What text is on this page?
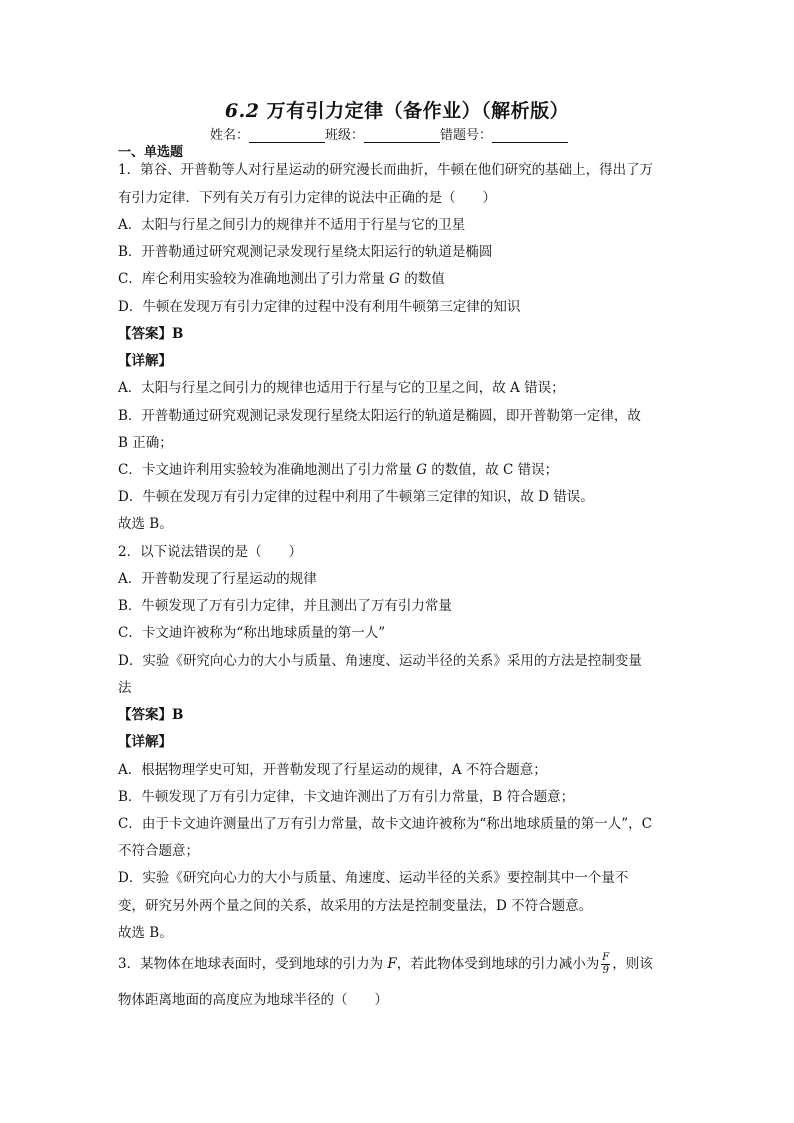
6.2 万有引力定律（备作业）（解析版）
姓名：	班级：	错题号：
一、单选题
1．第谷、开普勒等人对行星运动的研究漫长而曲折，牛顿在他们研究的基础上，得出了万
有引力定律．下列有关万有引力定律的说法中正确的是（　　）
A．太阳与行星之间引力的规律并不适用于行星与它的卫星
B．开普勒通过研究观测记录发现行星绕太阳运行的轨道是椭圆
C．库仑利用实验较为准确地测出了引力常量 G 的数值
D．牛顿在发现万有引力定律的过程中没有利用牛顿第三定律的知识
【答案】B
【详解】
A．太阳与行星之间引力的规律也适用于行星与它的卫星之间，故 A 错误；
B．开普勒通过研究观测记录发现行星绕太阳运行的轨道是椭圆，即开普勒第一定律，故
B 正确；
C．卡文迪许利用实验较为准确地测出了引力常量 G 的数值，故 C 错误；
D．牛顿在发现万有引力定律的过程中利用了牛顿第三定律的知识，故 D 错误。
故选 B。
2．以下说法错误的是（　　）
A．开普勒发现了行星运动的规律
B．牛顿发现了万有引力定律，并且测出了万有引力常量
C．卡文迪许被称为“称出地球质量的第一人”
D．实验《研究向心力的大小与质量、角速度、运动半径的关系》采用的方法是控制变量
法
【答案】B
【详解】
A．根据物理学史可知，开普勒发现了行星运动的规律，A 不符合题意；
B．牛顿发现了万有引力定律，卡文迪许测出了万有引力常量，B 符合题意；
C．由于卡文迪许测量出了万有引力常量，故卡文迪许被称为“称出地球质量的第一人”，C
不符合题意；
D．实验《研究向心力的大小与质量、角速度、运动半径的关系》要控制其中一个量不
变，研究另外两个量之间的关系，故采用的方法是控制变量法，D 不符合题意。
故选 B。
3．某物体在地球表面时，受到地球的引力为 F，若此物体受到地球的引力减小为 $\frac{F}{9}$ ，则该
物体距离地面的高度应为地球半径的（　　）
